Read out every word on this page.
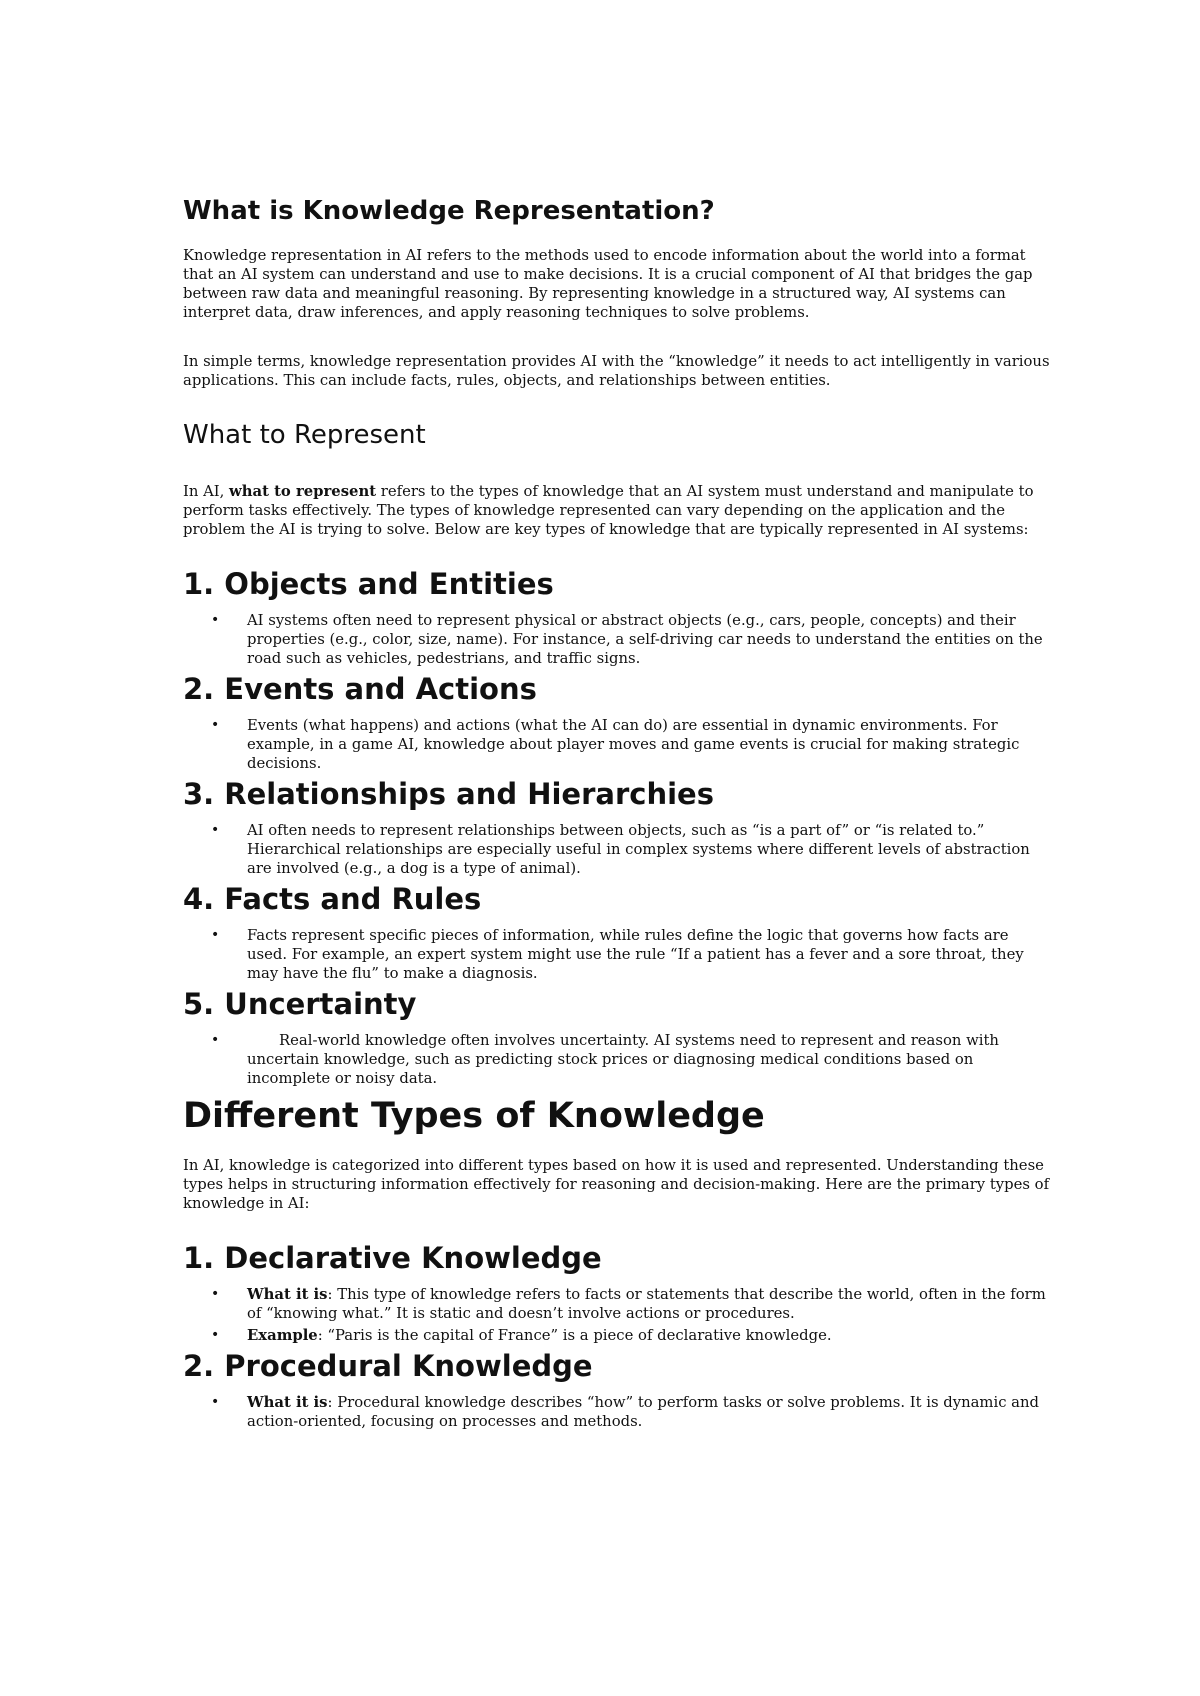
What is Knowledge Representation?

Knowledge representation in AI refers to the methods used to encode information about the world into a format that an AI system can understand and use to make decisions. It is a crucial component of AI that bridges the gap between raw data and meaningful reasoning. By representing knowledge in a structured way, AI systems can interpret data, draw inferences, and apply reasoning techniques to solve problems.

In simple terms, knowledge representation provides AI with the “knowledge” it needs to act intelligently in various applications. This can include facts, rules, objects, and relationships between entities.

What to Represent

In AI, what to represent refers to the types of knowledge that an AI system must understand and manipulate to perform tasks effectively. The types of knowledge represented can vary depending on the application and the problem the AI is trying to solve. Below are key types of knowledge that are typically represented in AI systems:

1. Objects and Entities
• AI systems often need to represent physical or abstract objects (e.g., cars, people, concepts) and their properties (e.g., color, size, name). For instance, a self-driving car needs to understand the entities on the road such as vehicles, pedestrians, and traffic signs.
2. Events and Actions
• Events (what happens) and actions (what the AI can do) are essential in dynamic environments. For example, in a game AI, knowledge about player moves and game events is crucial for making strategic decisions.
3. Relationships and Hierarchies
• AI often needs to represent relationships between objects, such as “is a part of” or “is related to.” Hierarchical relationships are especially useful in complex systems where different levels of abstraction are involved (e.g., a dog is a type of animal).
4. Facts and Rules
• Facts represent specific pieces of information, while rules define the logic that governs how facts are used. For example, an expert system might use the rule “If a patient has a fever and a sore throat, they may have the flu” to make a diagnosis.
5. Uncertainty
•	Real-world knowledge often involves uncertainty. AI systems need to represent and reason with uncertain knowledge, such as predicting stock prices or diagnosing medical conditions based on incomplete or noisy data.
Different Types of Knowledge

In AI, knowledge is categorized into different types based on how it is used and represented. Understanding these types helps in structuring information effectively for reasoning and decision-making. Here are the primary types of knowledge in AI:

1. Declarative Knowledge
• What it is: This type of knowledge refers to facts or statements that describe the world, often in the form of “knowing what.” It is static and doesn’t involve actions or procedures.
• Example: “Paris is the capital of France” is a piece of declarative knowledge.
2. Procedural Knowledge
• What it is: Procedural knowledge describes “how” to perform tasks or solve problems. It is dynamic and action-oriented, focusing on processes and methods.
